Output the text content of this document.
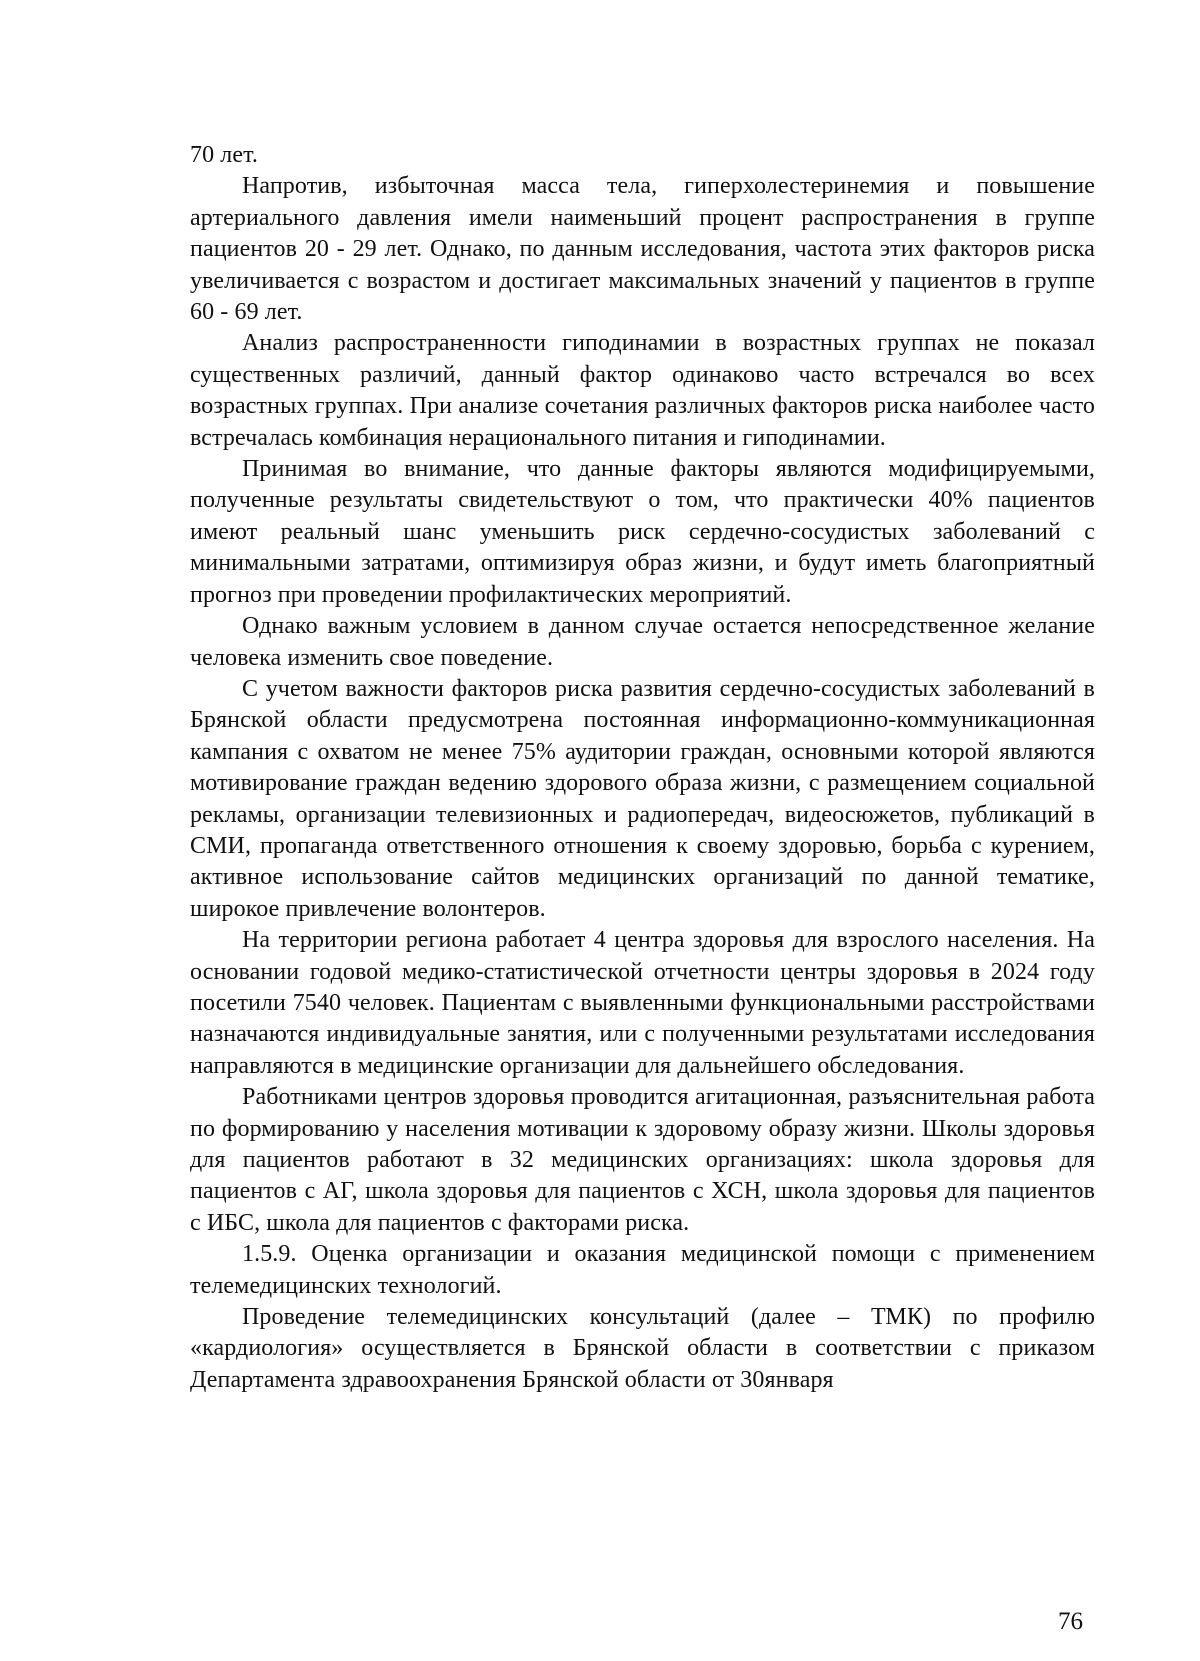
70 лет.

Напротив, избыточная масса тела, гиперхолестеринемия и повышение артериального давления имели наименьший процент распространения в группе пациентов 20 - 29 лет. Однако, по данным исследования, частота этих факторов риска увеличивается с возрастом и достигает максимальных значений у пациентов в группе 60 - 69 лет.

Анализ распространенности гиподинамии в возрастных группах не показал существенных различий, данный фактор одинаково часто встречался во всех возрастных группах. При анализе сочетания различных факторов риска наиболее часто встречалась комбинация нерационального питания и гиподинамии.

Принимая во внимание, что данные факторы являются модифицируемыми, полученные результаты свидетельствуют о том, что практически 40% пациентов имеют реальный шанс уменьшить риск сердечно-сосудистых заболеваний с минимальными затратами, оптимизируя образ жизни, и будут иметь благоприятный прогноз при проведении профилактических мероприятий.

Однако важным условием в данном случае остается непосредственное желание человека изменить свое поведение.

С учетом важности факторов риска развития сердечно-сосудистых заболеваний в Брянской области предусмотрена постоянная информационно-коммуникационная кампания с охватом не менее 75% аудитории граждан, основными которой являются мотивирование граждан ведению здорового образа жизни, с размещением социальной рекламы, организации телевизионных и радиопередач, видеосюжетов, публикаций в СМИ, пропаганда ответственного отношения к своему здоровью, борьба с курением, активное использование сайтов медицинских организаций по данной тематике, широкое привлечение волонтеров.

На территории региона работает 4 центра здоровья для взрослого населения. На основании годовой медико-статистической отчетности центры здоровья в 2024 году посетили 7540 человек. Пациентам с выявленными функциональными расстройствами назначаются индивидуальные занятия, или с полученными результатами исследования направляются в медицинские организации для дальнейшего обследования.

Работниками центров здоровья проводится агитационная, разъяснительная работа по формированию у населения мотивации к здоровому образу жизни. Школы здоровья для пациентов работают в 32 медицинских организациях: школа здоровья для пациентов с АГ, школа здоровья для пациентов с ХСН, школа здоровья для пациентов с ИБС, школа для пациентов с факторами риска.

1.5.9. Оценка организации и оказания медицинской помощи с применением телемедицинских технологий.

Проведение телемедицинских консультаций (далее – ТМК) по профилю «кардиология» осуществляется в Брянской области в соответствии с приказом Департамента здравоохранения Брянской области от 30января

76
